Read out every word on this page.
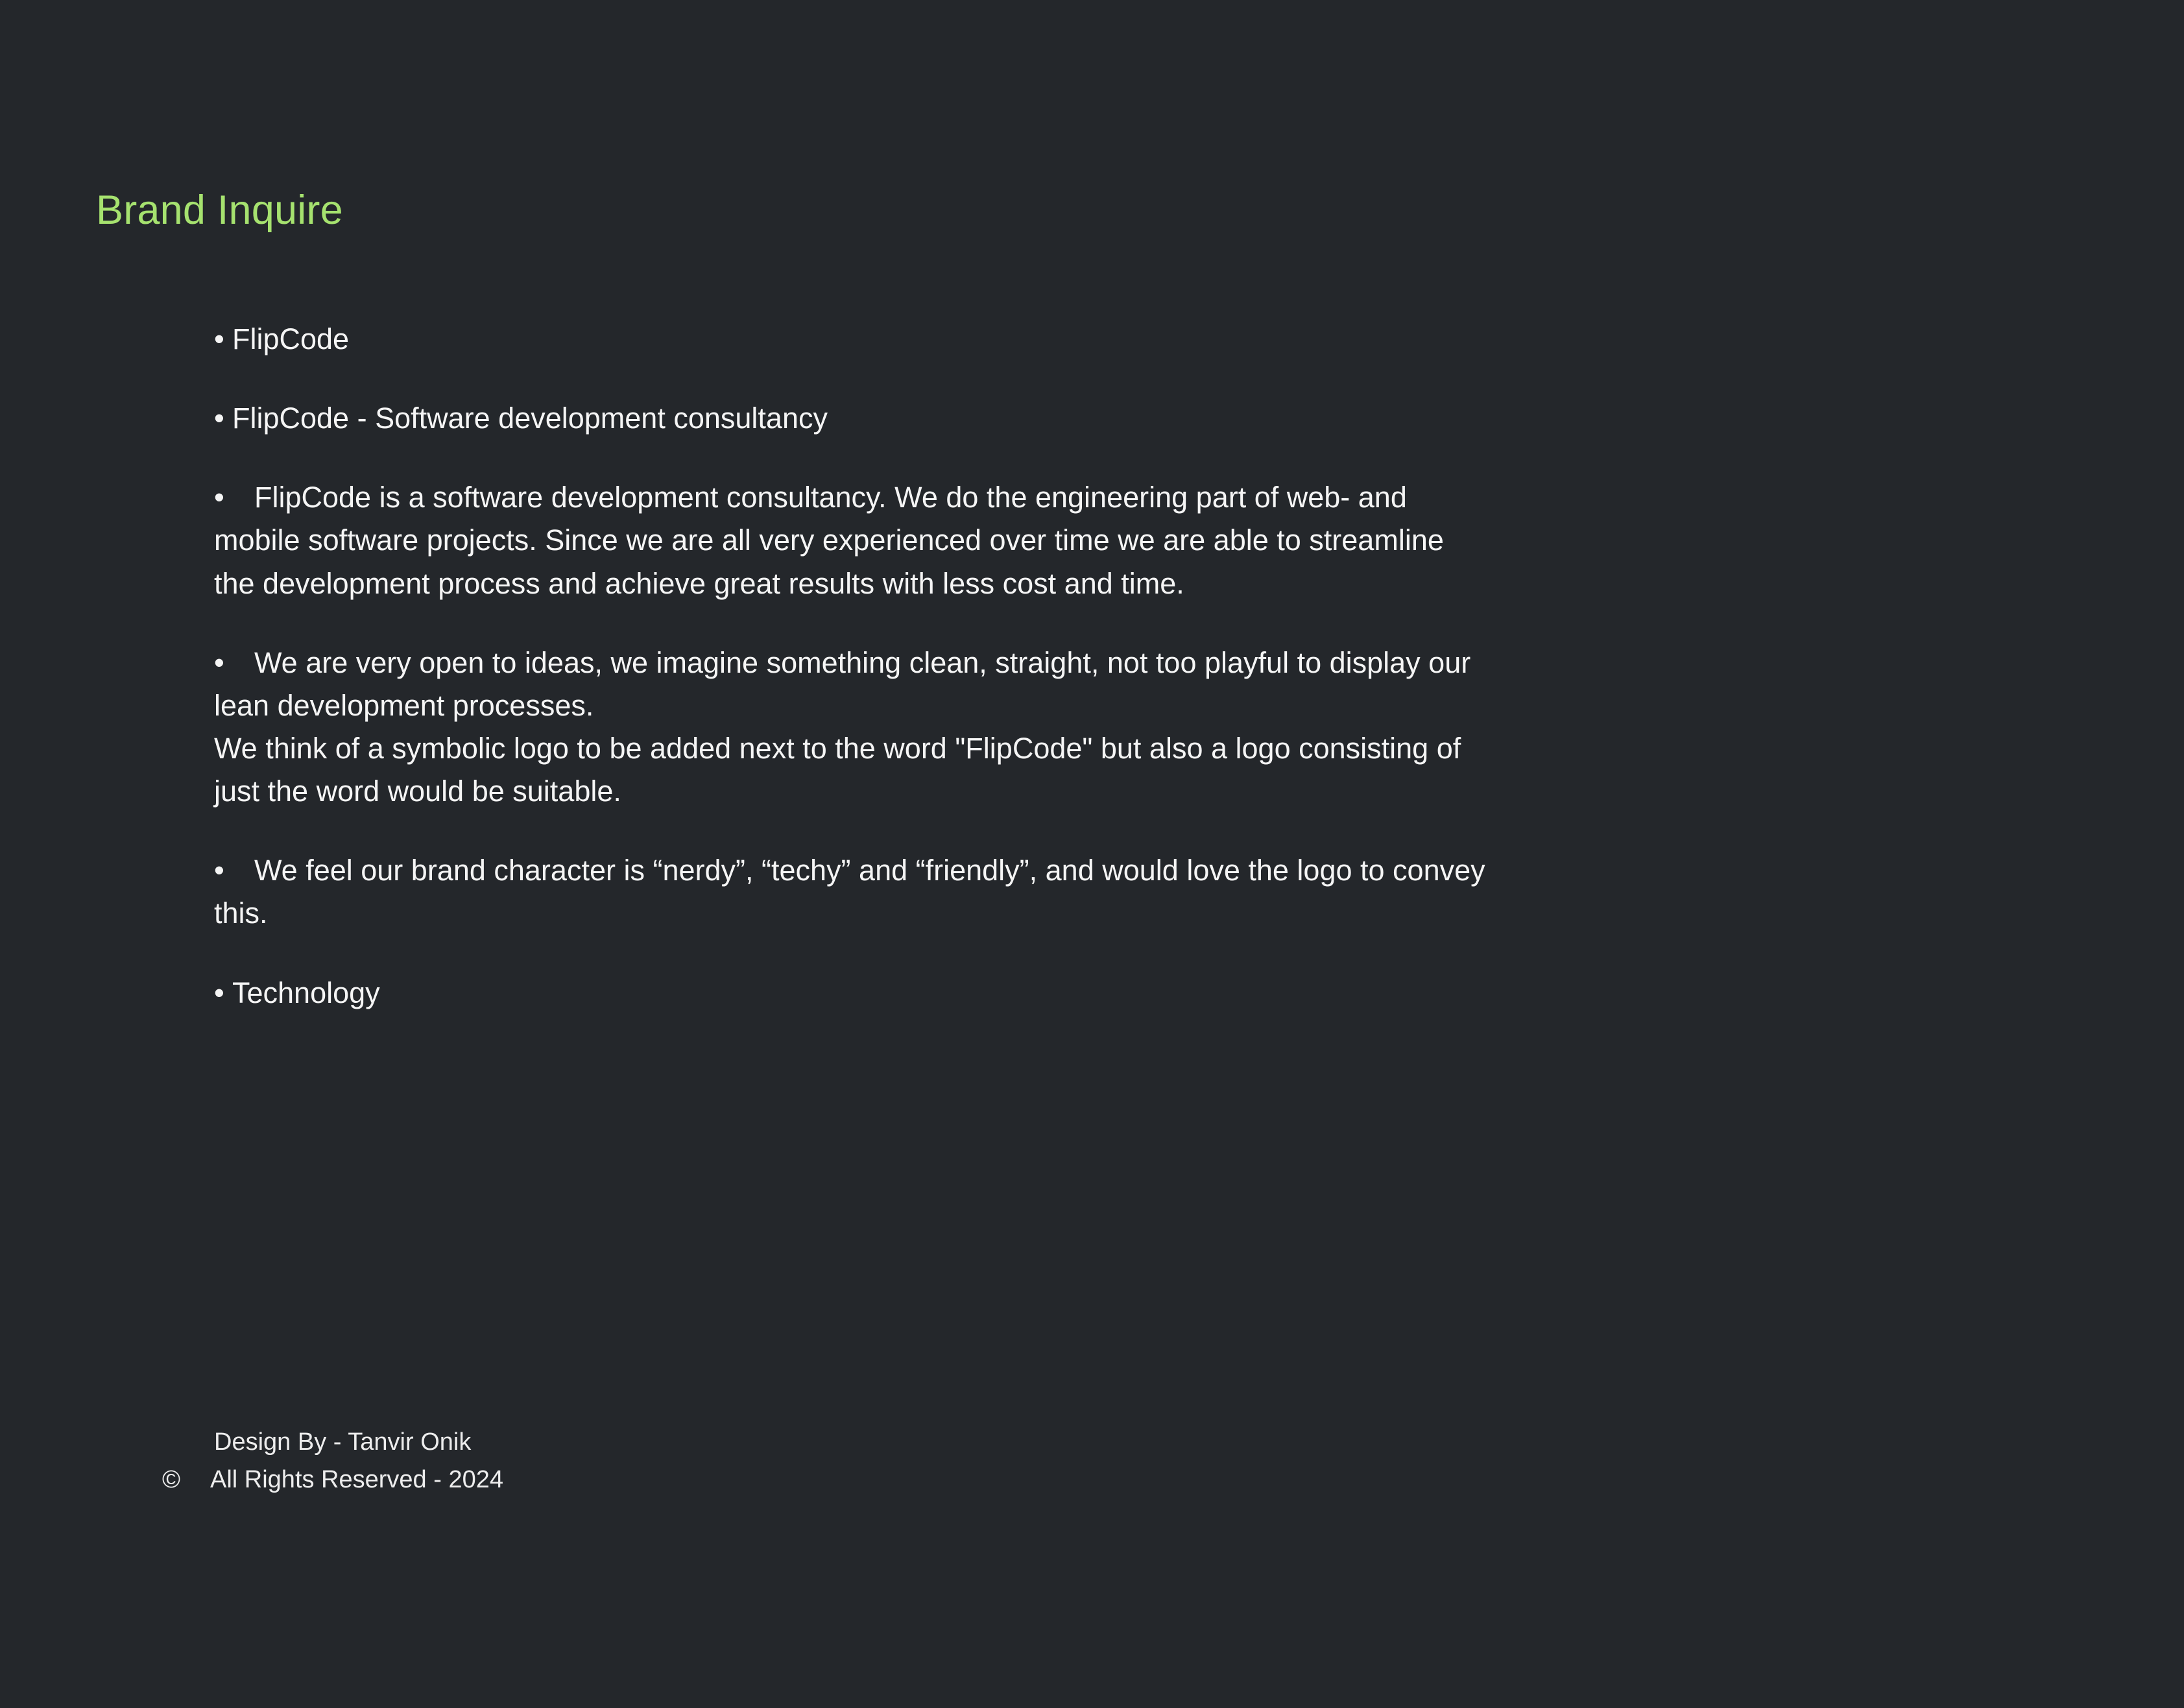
Brand Inquire
• FlipCode
• FlipCode - Software development consultancy
• FlipCode is a software development consultancy. We do the engineering part of web- and
mobile software projects. Since we are all very experienced over time we are able to streamline
the development process and achieve great results with less cost and time.
• We are very open to ideas, we imagine something clean, straight, not too playful to display our
lean development processes.
We think of a symbolic logo to be added next to the word "FlipCode" but also a logo consisting of
just the word would be suitable.
• We feel our brand character is “nerdy”, “techy” and “friendly”, and would love the logo to convey
this.
• Technology
Design By - Tanvir Onik
© All Rights Reserved - 2024
